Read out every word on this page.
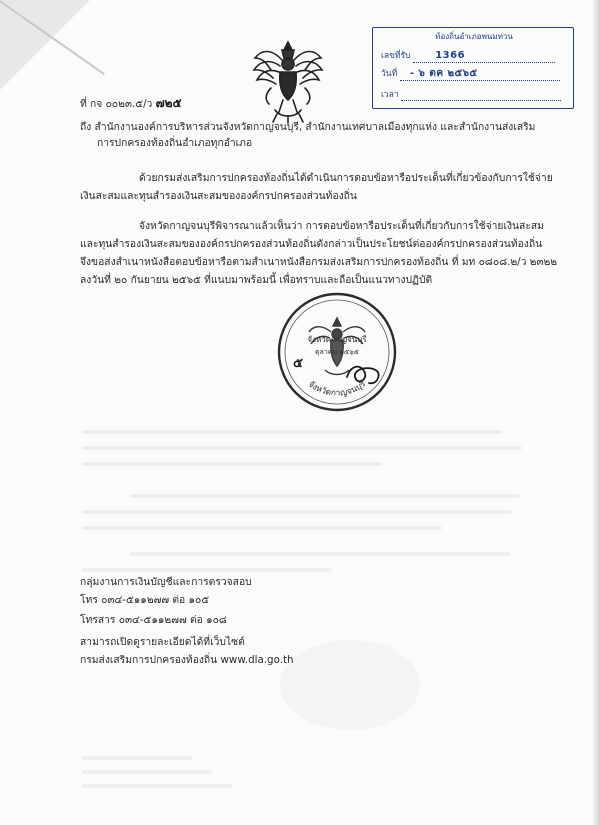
ท้องถิ่นอำเภอพนมทวน
เลขที่รับ 1366
วันที่ - ๖ ตค ๒๕๖๕
เวลา
ที่ กจ ๐๐๒๓.๕/ว ๗๒๕
ถึง สำนักงานองค์การบริหารส่วนจังหวัดกาญจนบุรี, สำนักงานเทศบาลเมืองทุกแห่ง และสำนักงานส่งเสริม
การปกครองท้องถิ่นอำเภอทุกอำเภอ
ด้วยกรมส่งเสริมการปกครองท้องถิ่นได้ดำเนินการตอบข้อหารือประเด็นที่เกี่ยวข้องกับการใช้จ่าย
เงินสะสมและทุนสำรองเงินสะสมขององค์กรปกครองส่วนท้องถิ่น
จังหวัดกาญจนบุรีพิจารณาแล้วเห็นว่า การตอบข้อหารือประเด็นที่เกี่ยวกับการใช้จ่ายเงินสะสม
และทุนสำรองเงินสะสมขององค์กรปกครองส่วนท้องถิ่นดังกล่าวเป็นประโยชน์ต่อองค์กรปกครองส่วนท้องถิ่น
จึงขอส่งสำเนาหนังสือตอบข้อหารือตามสำเนาหนังสือกรมส่งเสริมการปกครองท้องถิ่น ที่ มท ๐๘๐๘.๒/ว ๒๓๒๒
ลงวันที่ ๒๐ กันยายน ๒๕๖๕ ที่แนบมาพร้อมนี้ เพื่อทราบและถือเป็นแนวทางปฏิบัติ
จังหวัดกาญจนบุรี
ตุลาคม ๒๕๖๕
จังหวัดกาญจนบุรี
๕
กลุ่มงานการเงินบัญชีและการตรวจสอบ
โทร ๐๓๔-๕๑๑๒๗๗ ต่อ ๑๐๕
โทรสาร ๐๓๔-๕๑๑๒๗๗ ต่อ ๑๐๘
สามารถเปิดดูรายละเอียดได้ที่เว็บไซต์
กรมส่งเสริมการปกครองท้องถิ่น www.dla.go.th
